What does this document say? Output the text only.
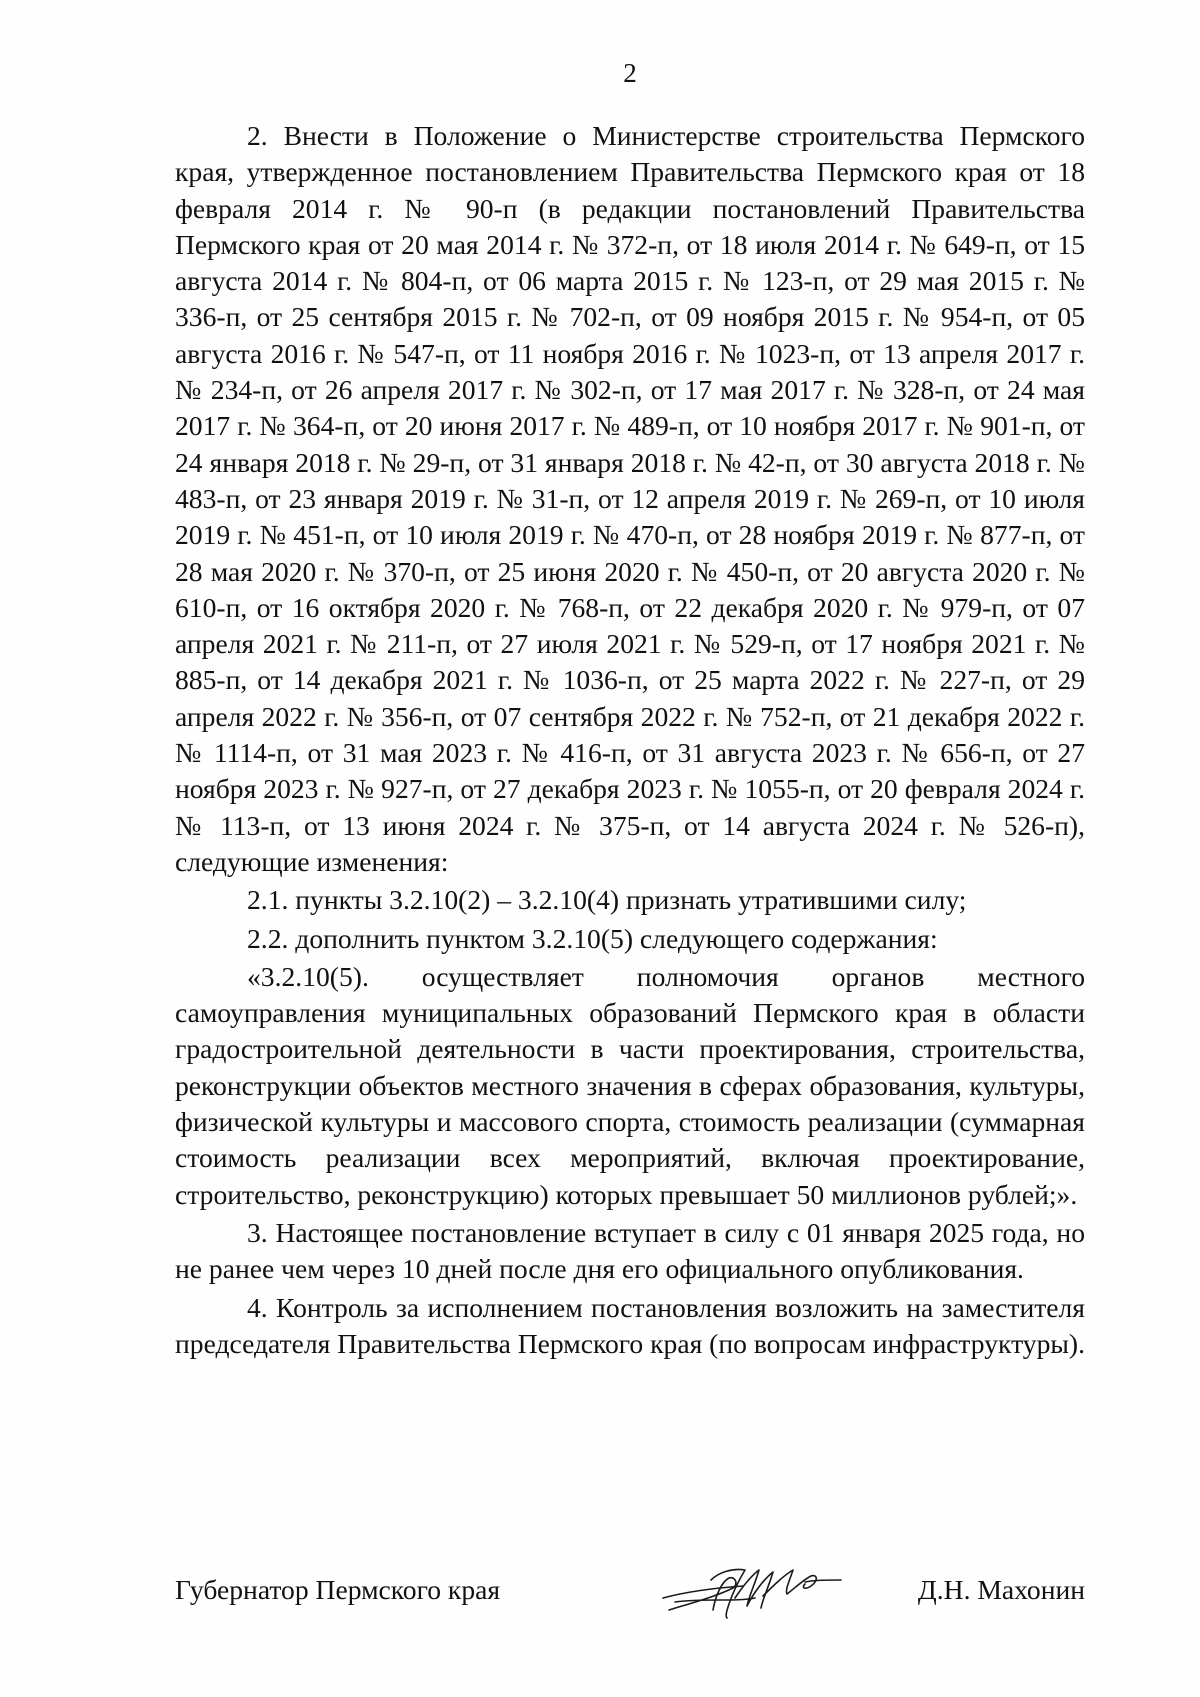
2

2. Внести в Положение о Министерстве строительства Пермского края, утвержденное постановлением Правительства Пермского края от 18 февраля 2014 г. № 90-п (в редакции постановлений Правительства Пермского края от 20 мая 2014 г. № 372-п, от 18 июля 2014 г. № 649-п, от 15 августа 2014 г. № 804-п, от 06 марта 2015 г. № 123-п, от 29 мая 2015 г. № 336-п, от 25 сентября 2015 г. № 702-п, от 09 ноября 2015 г. № 954-п, от 05 августа 2016 г. № 547-п, от 11 ноября 2016 г. № 1023-п, от 13 апреля 2017 г. № 234-п, от 26 апреля 2017 г. № 302-п, от 17 мая 2017 г. № 328-п, от 24 мая 2017 г. № 364-п, от 20 июня 2017 г. № 489-п, от 10 ноября 2017 г. № 901-п, от 24 января 2018 г. № 29-п, от 31 января 2018 г. № 42-п, от 30 августа 2018 г. № 483-п, от 23 января 2019 г. № 31-п, от 12 апреля 2019 г. № 269-п, от 10 июля 2019 г. № 451-п, от 10 июля 2019 г. № 470-п, от 28 ноября 2019 г. № 877-п, от 28 мая 2020 г. № 370-п, от 25 июня 2020 г. № 450-п, от 20 августа 2020 г. № 610-п, от 16 октября 2020 г. № 768-п, от 22 декабря 2020 г. № 979-п, от 07 апреля 2021 г. № 211-п, от 27 июля 2021 г. № 529-п, от 17 ноября 2021 г. № 885-п, от 14 декабря 2021 г. № 1036-п, от 25 марта 2022 г. № 227-п, от 29 апреля 2022 г. № 356-п, от 07 сентября 2022 г. № 752-п, от 21 декабря 2022 г. № 1114-п, от 31 мая 2023 г. № 416-п, от 31 августа 2023 г. № 656-п, от 27 ноября 2023 г. № 927-п, от 27 декабря 2023 г. № 1055-п, от 20 февраля 2024 г. № 113-п, от 13 июня 2024 г. № 375-п, от 14 августа 2024 г. № 526-п), следующие изменения:

2.1. пункты 3.2.10(2) – 3.2.10(4) признать утратившими силу;

2.2. дополнить пунктом 3.2.10(5) следующего содержания:

«3.2.10(5). осуществляет полномочия органов местного самоуправления муниципальных образований Пермского края в области градостроительной деятельности в части проектирования, строительства, реконструкции объектов местного значения в сферах образования, культуры, физической культуры и массового спорта, стоимость реализации (суммарная стоимость реализации всех мероприятий, включая проектирование, строительство, реконструкцию) которых превышает 50 миллионов рублей;».

3. Настоящее постановление вступает в силу с 01 января 2025 года, но не ранее чем через 10 дней после дня его официального опубликования.

4. Контроль за исполнением постановления возложить на заместителя председателя Правительства Пермского края (по вопросам инфраструктуры).

Губернатор Пермского края	Д.Н. Махонин
